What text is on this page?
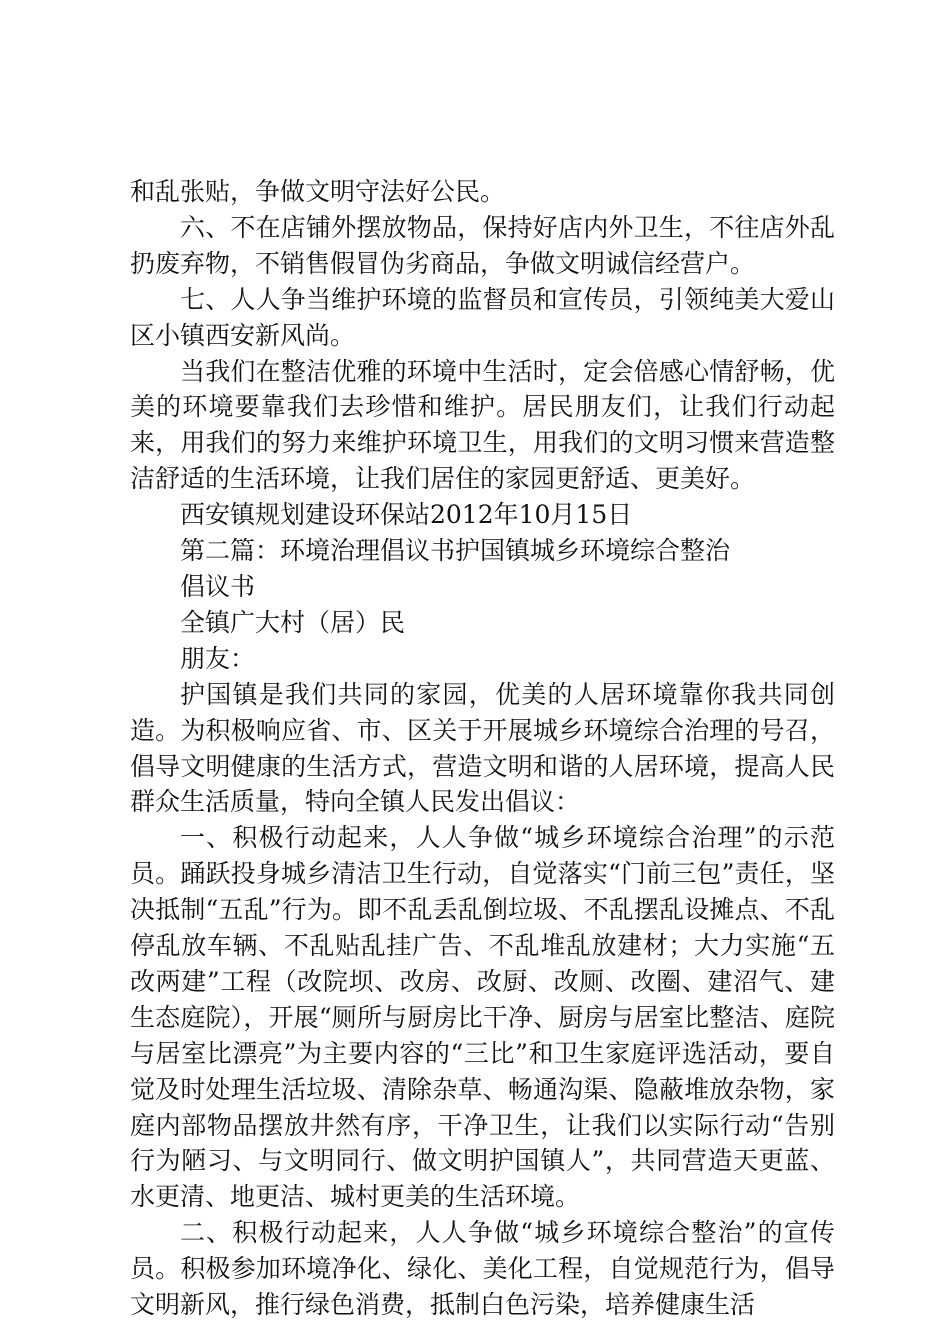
和乱张贴，争做文明守法好公民。

六、不在店铺外摆放物品，保持好店内外卫生，不往店外乱扔废弃物，不销售假冒伪劣商品，争做文明诚信经营户。

七、人人争当维护环境的监督员和宣传员，引领纯美大爱山区小镇西安新风尚。

当我们在整洁优雅的环境中生活时，定会倍感心情舒畅，优美的环境要靠我们去珍惜和维护。居民朋友们，让我们行动起来，用我们的努力来维护环境卫生，用我们的文明习惯来营造整洁舒适的生活环境，让我们居住的家园更舒适、更美好。

西安镇规划建设环保站2012年10月15日

第二篇：环境治理倡议书护国镇城乡环境综合整治

倡议书

全镇广大村（居）民

朋友：

护国镇是我们共同的家园，优美的人居环境靠你我共同创造。为积极响应省、市、区关于开展城乡环境综合治理的号召，倡导文明健康的生活方式，营造文明和谐的人居环境，提高人民群众生活质量，特向全镇人民发出倡议：

一、积极行动起来，人人争做“城乡环境综合治理”的示范员。踊跃投身城乡清洁卫生行动，自觉落实“门前三包”责任，坚决抵制“五乱”行为。即不乱丢乱倒垃圾、不乱摆乱设摊点、不乱停乱放车辆、不乱贴乱挂广告、不乱堆乱放建材；大力实施“五改两建”工程（改院坝、改房、改厨、改厕、改圈、建沼气、建生态庭院），开展“厕所与厨房比干净、厨房与居室比整洁、庭院与居室比漂亮”为主要内容的“三比”和卫生家庭评选活动，要自觉及时处理生活垃圾、清除杂草、畅通沟渠、隐蔽堆放杂物，家庭内部物品摆放井然有序，干净卫生，让我们以实际行动“告别行为陋习、与文明同行、做文明护国镇人”，共同营造天更蓝、水更清、地更洁、城村更美的生活环境。

二、积极行动起来，人人争做“城乡环境综合整治”的宣传员。积极参加环境净化、绿化、美化工程，自觉规范行为，倡导文明新风，推行绿色消费，抵制白色污染，培养健康生活
